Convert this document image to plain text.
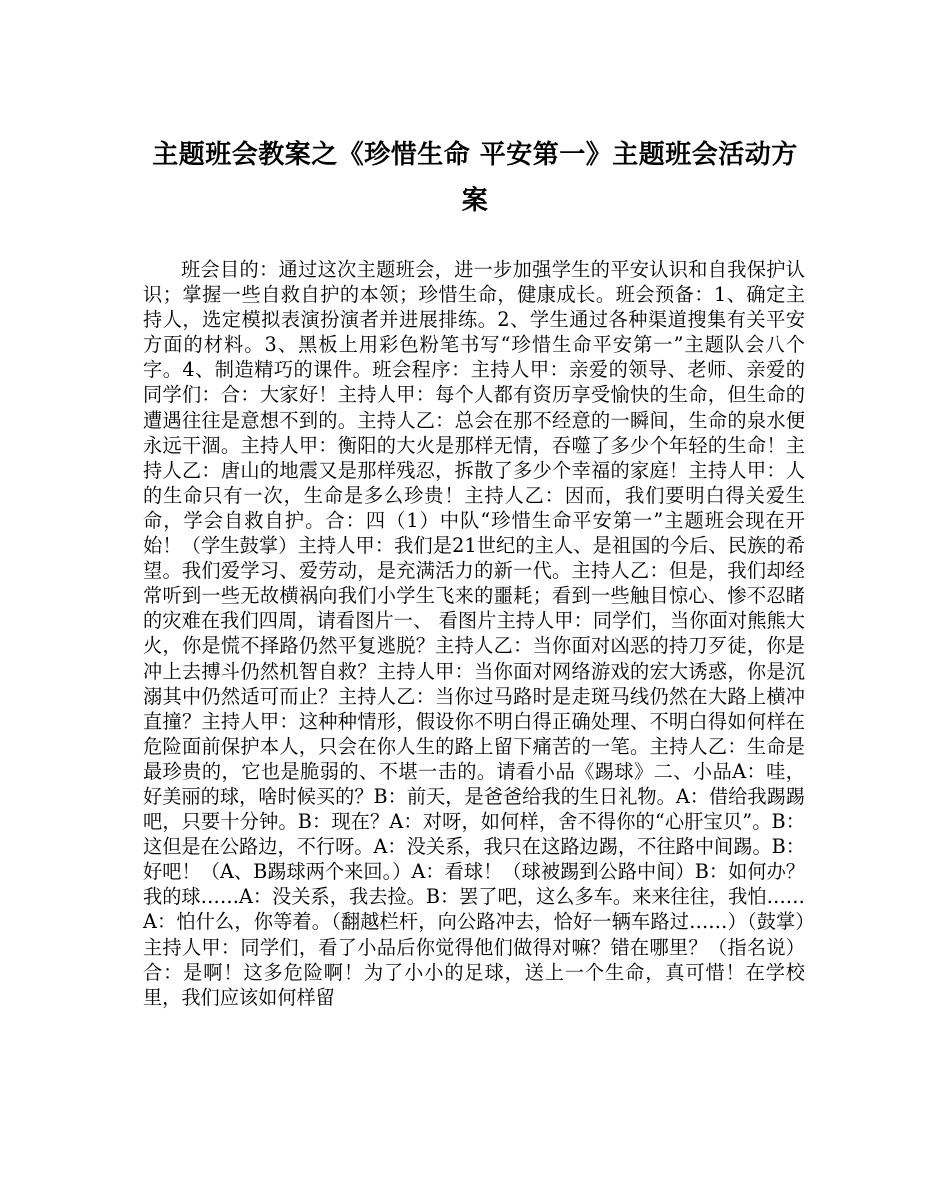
主题班会教案之《珍惜生命 平安第一》主题班会活动方案

班会目的：通过这次主题班会，进一步加强学生的平安认识和自我保护认识；掌握一些自救自护的本领；珍惜生命，健康成长。班会预备：1、确定主持人，选定模拟表演扮演者并进展排练。2、学生通过各种渠道搜集有关平安方面的材料。3、黑板上用彩色粉笔书写“珍惜生命平安第一”主题队会八个字。4、制造精巧的课件。班会程序：主持人甲：亲爱的领导、老师、亲爱的同学们：合：大家好！主持人甲：每个人都有资历享受愉快的生命，但生命的遭遇往往是意想不到的。主持人乙：总会在那不经意的一瞬间，生命的泉水便永远干涸。主持人甲：衡阳的大火是那样无情，吞噬了多少个年轻的生命！主持人乙：唐山的地震又是那样残忍，拆散了多少个幸福的家庭！主持人甲：人的生命只有一次，生命是多么珍贵！主持人乙：因而，我们要明白得关爱生命，学会自救自护。合：四（1）中队“珍惜生命平安第一”主题班会现在开始！（学生鼓掌）主持人甲：我们是21世纪的主人、是祖国的今后、民族的希望。我们爱学习、爱劳动，是充满活力的新一代。主持人乙：但是，我们却经常听到一些无故横祸向我们小学生飞来的噩耗；看到一些触目惊心、惨不忍睹的灾难在我们四周，请看图片一、 看图片主持人甲：同学们，当你面对熊熊大火，你是慌不择路仍然平复逃脱？主持人乙：当你面对凶恶的持刀歹徒，你是冲上去搏斗仍然机智自救？主持人甲：当你面对网络游戏的宏大诱惑，你是沉溺其中仍然适可而止？主持人乙：当你过马路时是走斑马线仍然在大路上横冲直撞？主持人甲：这种种情形，假设你不明白得正确处理、不明白得如何样在危险面前保护本人，只会在你人生的路上留下痛苦的一笔。主持人乙：生命是最珍贵的，它也是脆弱的、不堪一击的。请看小品《踢球》二、小品A：哇，好美丽的球，啥时候买的？B：前天，是爸爸给我的生日礼物。A：借给我踢踢吧，只要十分钟。B：现在？A：对呀，如何样，舍不得你的“心肝宝贝”。B：这但是在公路边，不行呀。A：没关系，我只在这路边踢，不往路中间踢。B：好吧！（A、B踢球两个来回。）A：看球！（球被踢到公路中间）B：如何办？我的球……A：没关系，我去捡。B：罢了吧，这么多车。来来往往，我怕……A：怕什么，你等着。（翻越栏杆，向公路冲去，恰好一辆车路过……）（鼓掌）主持人甲：同学们，看了小品后你觉得他们做得对嘛？错在哪里？（指名说）合：是啊！这多危险啊！为了小小的足球，送上一个生命，真可惜！在学校里，我们应该如何样留
